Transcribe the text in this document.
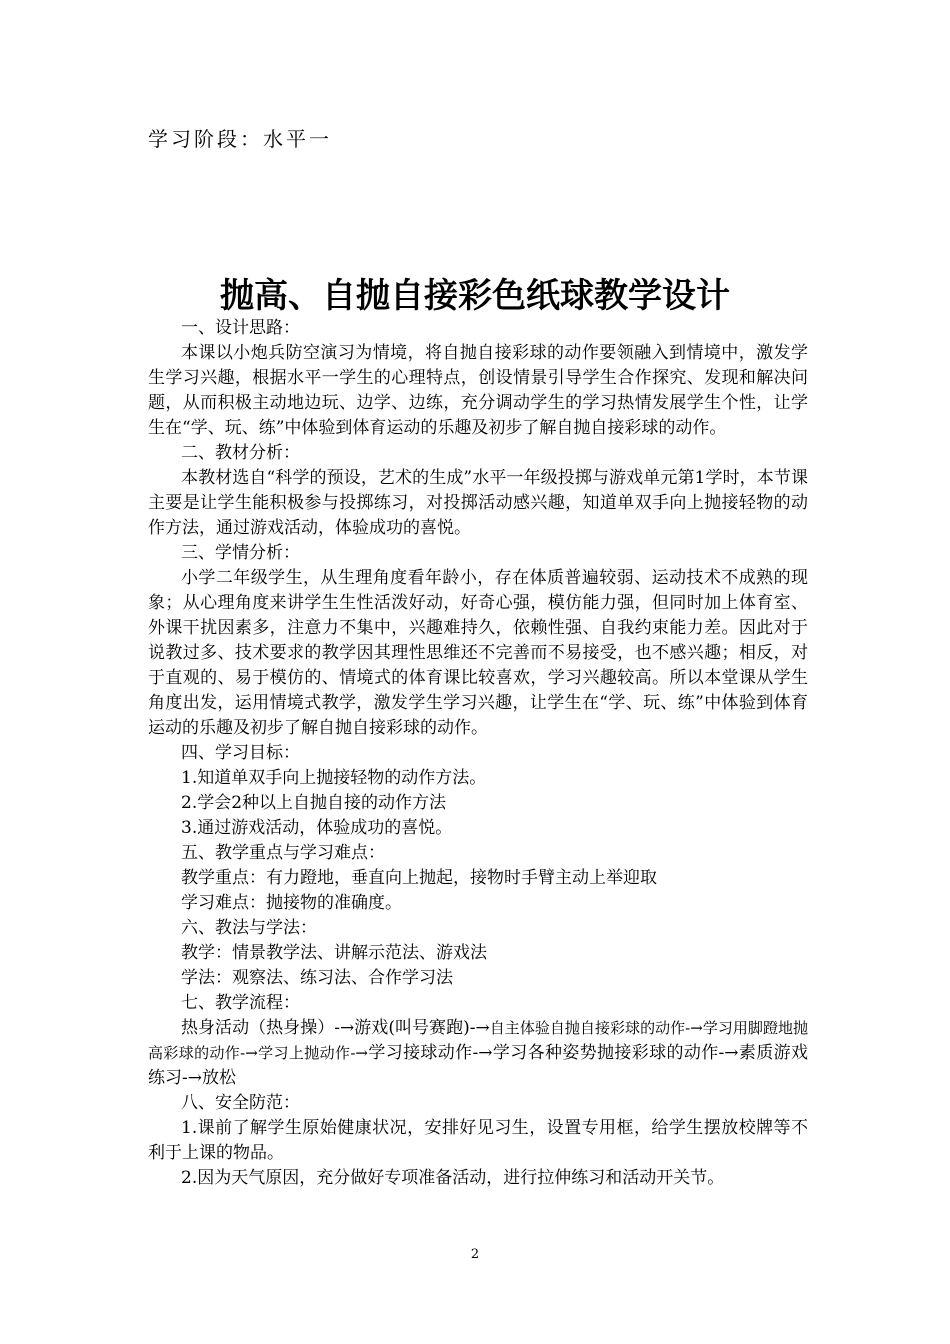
学习阶段：水平一
抛高、自抛自接彩色纸球教学设计
一、设计思路：
本课以小炮兵防空演习为情境，将自抛自接彩球的动作要领融入到情境中，激发学生学习兴趣，根据水平一学生的心理特点，创设情景引导学生合作探究、发现和解决问题，从而积极主动地边玩、边学、边练，充分调动学生的学习热情发展学生个性，让学生在“学、玩、练”中体验到体育运动的乐趣及初步了解自抛自接彩球的动作。
二、教材分析：
本教材选自“科学的预设，艺术的生成”水平一年级投掷与游戏单元第1学时，本节课主要是让学生能积极参与投掷练习，对投掷活动感兴趣，知道单双手向上抛接轻物的动作方法，通过游戏活动，体验成功的喜悦。
三、学情分析：
小学二年级学生，从生理角度看年龄小，存在体质普遍较弱、运动技术不成熟的现象；从心理角度来讲学生生性活泼好动，好奇心强，模仿能力强，但同时加上体育室、外课干扰因素多，注意力不集中，兴趣难持久，依赖性强、自我约束能力差。因此对于说教过多、技术要求的教学因其理性思维还不完善而不易接受，也不感兴趣；相反，对于直观的、易于模仿的、情境式的体育课比较喜欢，学习兴趣较高。所以本堂课从学生角度出发，运用情境式教学，激发学生学习兴趣，让学生在“学、玩、练”中体验到体育运动的乐趣及初步了解自抛自接彩球的动作。
四、学习目标：
1.知道单双手向上抛接轻物的动作方法。
2.学会2种以上自抛自接的动作方法
3.通过游戏活动，体验成功的喜悦。
五、教学重点与学习难点：
教学重点：有力蹬地，垂直向上抛起，接物时手臂主动上举迎取
学习难点：抛接物的准确度。
六、教法与学法：
教学：情景教学法、讲解示范法、游戏法
学法：观察法、练习法、合作学习法
七、教学流程：
热身活动（热身操）-→游戏(叫号赛跑)-→自主体验自抛自接彩球的动作-→学习用脚蹬地抛高彩球的动作-→学习上抛动作-→学习接球动作-→学习各种姿势抛接彩球的动作-→素质游戏练习-→放松
八、安全防范：
1.课前了解学生原始健康状况，安排好见习生，设置专用框，给学生摆放校牌等不利于上课的物品。
2.因为天气原因，充分做好专项准备活动，进行拉伸练习和活动开关节。
2
